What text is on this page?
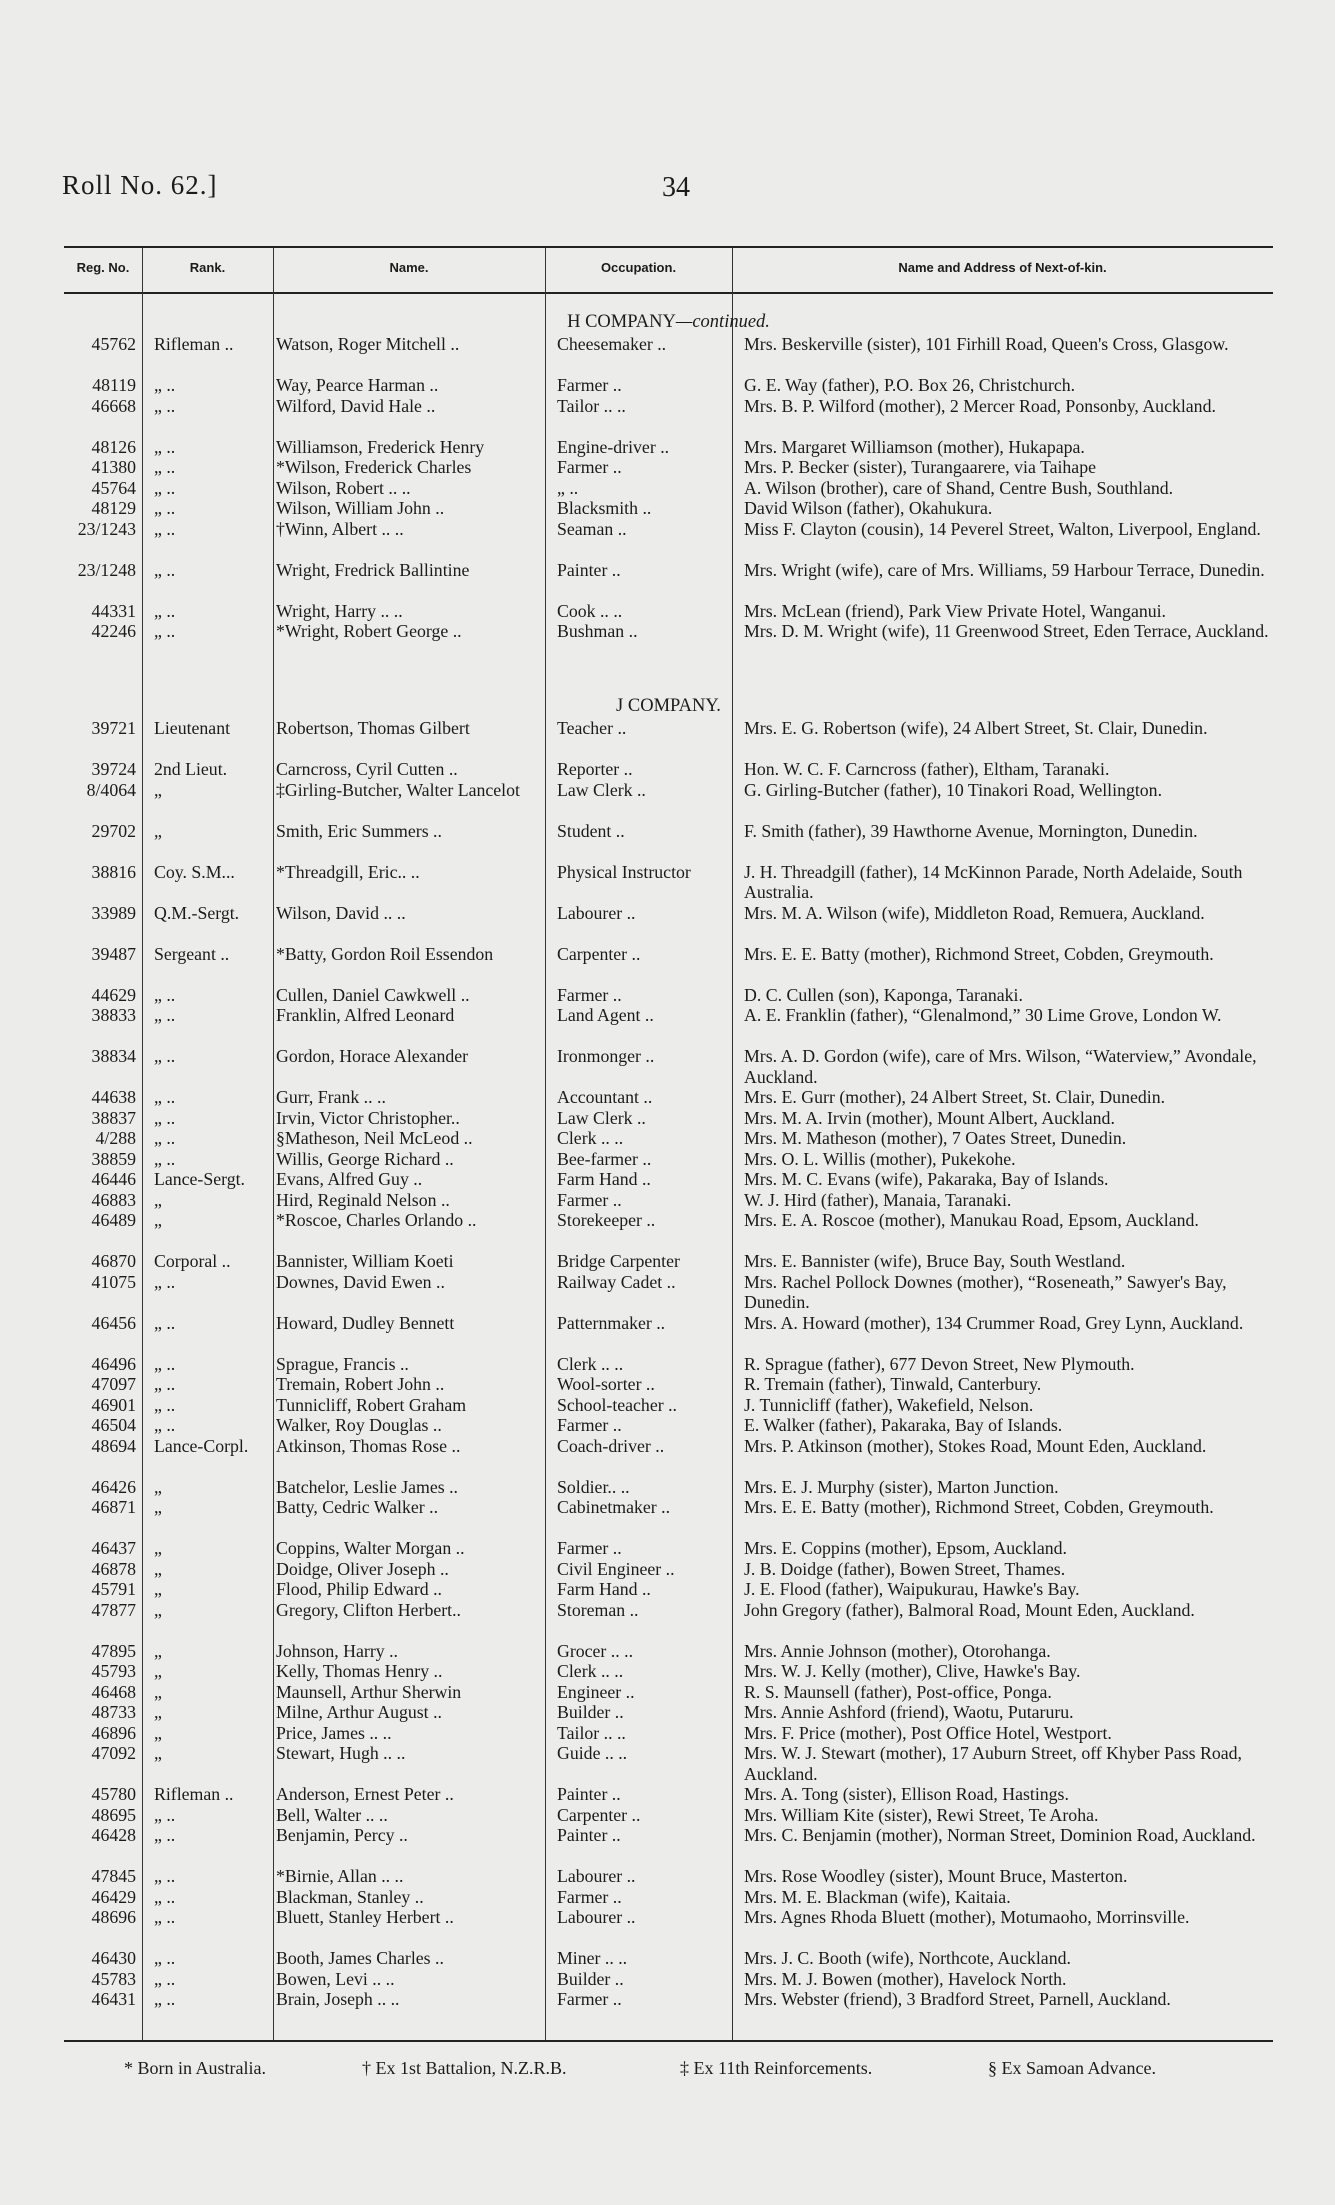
Roll No. 62.]	34
Reg. No.	Rank.	Name.	Occupation.	Name and Address of Next-of-kin.
H COMPANY—continued.
45762 Rifleman ..	Watson, Roger Mitchell ..	Cheesemaker ..	Mrs. Beskerville (sister), 101 Firhill Road, Queen's Cross, Glasgow.
48119 „ ..	Way, Pearce Harman ..	Farmer ..	G. E. Way (father), P.O. Box 26, Christchurch.
46668 „ ..	Wilford, David Hale ..	Tailor .. ..	Mrs. B. P. Wilford (mother), 2 Mercer Road, Ponsonby, Auckland.
48126 „ ..	Williamson, Frederick Henry	Engine-driver ..	Mrs. Margaret Williamson (mother), Hukapapa.
41380 „ ..	*Wilson, Frederick Charles	Farmer ..	Mrs. P. Becker (sister), Turangaarere, via Taihape
45764 „ ..	Wilson, Robert .. ..	„ ..	A. Wilson (brother), care of Shand, Centre Bush, Southland.
48129 „ ..	Wilson, William John ..	Blacksmith ..	David Wilson (father), Okahukura.
23/1243 „ ..	†Winn, Albert .. ..	Seaman ..	Miss F. Clayton (cousin), 14 Peverel Street, Walton, Liverpool, England.
23/1248 „ ..	Wright, Fredrick Ballintine	Painter ..	Mrs. Wright (wife), care of Mrs. Williams, 59 Harbour Terrace, Dunedin.
44331 „ ..	Wright, Harry .. ..	Cook .. ..	Mrs. McLean (friend), Park View Private Hotel, Wanganui.
42246 „ ..	*Wright, Robert George ..	Bushman ..	Mrs. D. M. Wright (wife), 11 Greenwood Street, Eden Terrace, Auckland.
J COMPANY.
39721 Lieutenant	Robertson, Thomas Gilbert	Teacher ..	Mrs. E. G. Robertson (wife), 24 Albert Street, St. Clair, Dunedin.
39724 2nd Lieut.	Carncross, Cyril Cutten ..	Reporter ..	Hon. W. C. F. Carncross (father), Eltham, Taranaki.
8/4064 „	‡Girling-Butcher, Walter Lancelot	Law Clerk ..	G. Girling-Butcher (father), 10 Tinakori Road, Wellington.
29702 „	Smith, Eric Summers ..	Student ..	F. Smith (father), 39 Hawthorne Avenue, Mornington, Dunedin.
38816 Coy. S.M...	*Threadgill, Eric.. ..	Physical Instructor	J. H. Threadgill (father), 14 McKinnon Parade, North Adelaide, South Australia.
33989 Q.M.-Sergt.	Wilson, David .. ..	Labourer ..	Mrs. M. A. Wilson (wife), Middleton Road, Remuera, Auckland.
39487 Sergeant ..	*Batty, Gordon Roil Essendon	Carpenter ..	Mrs. E. E. Batty (mother), Richmond Street, Cobden, Greymouth.
44629 „ ..	Cullen, Daniel Cawkwell ..	Farmer ..	D. C. Cullen (son), Kaponga, Taranaki.
38833 „ ..	Franklin, Alfred Leonard	Land Agent ..	A. E. Franklin (father), “Glenalmond,” 30 Lime Grove, London W.
38834 „ ..	Gordon, Horace Alexander	Ironmonger ..	Mrs. A. D. Gordon (wife), care of Mrs. Wilson, “Waterview,” Avondale, Auckland.
44638 „ ..	Gurr, Frank .. ..	Accountant ..	Mrs. E. Gurr (mother), 24 Albert Street, St. Clair, Dunedin.
38837 „ ..	Irvin, Victor Christopher..	Law Clerk ..	Mrs. M. A. Irvin (mother), Mount Albert, Auckland.
4/288 „ ..	§Matheson, Neil McLeod ..	Clerk .. ..	Mrs. M. Matheson (mother), 7 Oates Street, Dunedin.
38859 „ ..	Willis, George Richard ..	Bee-farmer ..	Mrs. O. L. Willis (mother), Pukekohe.
46446 Lance-Sergt.	Evans, Alfred Guy ..	Farm Hand ..	Mrs. M. C. Evans (wife), Pakaraka, Bay of Islands.
46883 „	Hird, Reginald Nelson ..	Farmer ..	W. J. Hird (father), Manaia, Taranaki.
46489 „	*Roscoe, Charles Orlando ..	Storekeeper ..	Mrs. E. A. Roscoe (mother), Manukau Road, Epsom, Auckland.
46870 Corporal ..	Bannister, William Koeti	Bridge Carpenter	Mrs. E. Bannister (wife), Bruce Bay, South Westland.
41075 „ ..	Downes, David Ewen ..	Railway Cadet ..	Mrs. Rachel Pollock Downes (mother), “Roseneath,” Sawyer's Bay, Dunedin.
46456 „ ..	Howard, Dudley Bennett	Patternmaker ..	Mrs. A. Howard (mother), 134 Crummer Road, Grey Lynn, Auckland.
46496 „ ..	Sprague, Francis ..	Clerk .. ..	R. Sprague (father), 677 Devon Street, New Plymouth.
47097 „ ..	Tremain, Robert John ..	Wool-sorter ..	R. Tremain (father), Tinwald, Canterbury.
46901 „ ..	Tunnicliff, Robert Graham	School-teacher ..	J. Tunnicliff (father), Wakefield, Nelson.
46504 „ ..	Walker, Roy Douglas ..	Farmer ..	E. Walker (father), Pakaraka, Bay of Islands.
48694 Lance-Corpl.	Atkinson, Thomas Rose ..	Coach-driver ..	Mrs. P. Atkinson (mother), Stokes Road, Mount Eden, Auckland.
46426 „	Batchelor, Leslie James ..	Soldier.. ..	Mrs. E. J. Murphy (sister), Marton Junction.
46871 „	Batty, Cedric Walker ..	Cabinetmaker ..	Mrs. E. E. Batty (mother), Richmond Street, Cobden, Greymouth.
46437 „	Coppins, Walter Morgan ..	Farmer ..	Mrs. E. Coppins (mother), Epsom, Auckland.
46878 „	Doidge, Oliver Joseph ..	Civil Engineer ..	J. B. Doidge (father), Bowen Street, Thames.
45791 „	Flood, Philip Edward ..	Farm Hand ..	J. E. Flood (father), Waipukurau, Hawke's Bay.
47877 „	Gregory, Clifton Herbert..	Storeman ..	John Gregory (father), Balmoral Road, Mount Eden, Auckland.
47895 „	Johnson, Harry ..	Grocer .. ..	Mrs. Annie Johnson (mother), Otorohanga.
45793 „	Kelly, Thomas Henry ..	Clerk .. ..	Mrs. W. J. Kelly (mother), Clive, Hawke's Bay.
46468 „	Maunsell, Arthur Sherwin	Engineer ..	R. S. Maunsell (father), Post-office, Ponga.
48733 „	Milne, Arthur August ..	Builder ..	Mrs. Annie Ashford (friend), Waotu, Putaruru.
46896 „	Price, James .. ..	Tailor .. ..	Mrs. F. Price (mother), Post Office Hotel, Westport.
47092 „	Stewart, Hugh .. ..	Guide .. ..	Mrs. W. J. Stewart (mother), 17 Auburn Street, off Khyber Pass Road, Auckland.
45780 Rifleman ..	Anderson, Ernest Peter ..	Painter ..	Mrs. A. Tong (sister), Ellison Road, Hastings.
48695 „ ..	Bell, Walter .. ..	Carpenter ..	Mrs. William Kite (sister), Rewi Street, Te Aroha.
46428 „ ..	Benjamin, Percy ..	Painter ..	Mrs. C. Benjamin (mother), Norman Street, Dominion Road, Auckland.
47845 „ ..	*Birnie, Allan .. ..	Labourer ..	Mrs. Rose Woodley (sister), Mount Bruce, Masterton.
46429 „ ..	Blackman, Stanley ..	Farmer ..	Mrs. M. E. Blackman (wife), Kaitaia.
48696 „ ..	Bluett, Stanley Herbert ..	Labourer ..	Mrs. Agnes Rhoda Bluett (mother), Motumaoho, Morrinsville.
46430 „ ..	Booth, James Charles ..	Miner .. ..	Mrs. J. C. Booth (wife), Northcote, Auckland.
45783 „ ..	Bowen, Levi .. ..	Builder ..	Mrs. M. J. Bowen (mother), Havelock North.
46431 „ ..	Brain, Joseph .. ..	Farmer ..	Mrs. Webster (friend), 3 Bradford Street, Parnell, Auckland.
* Born in Australia.	† Ex 1st Battalion, N.Z.R.B.	‡ Ex 11th Reinforcements.	§ Ex Samoan Advance.
